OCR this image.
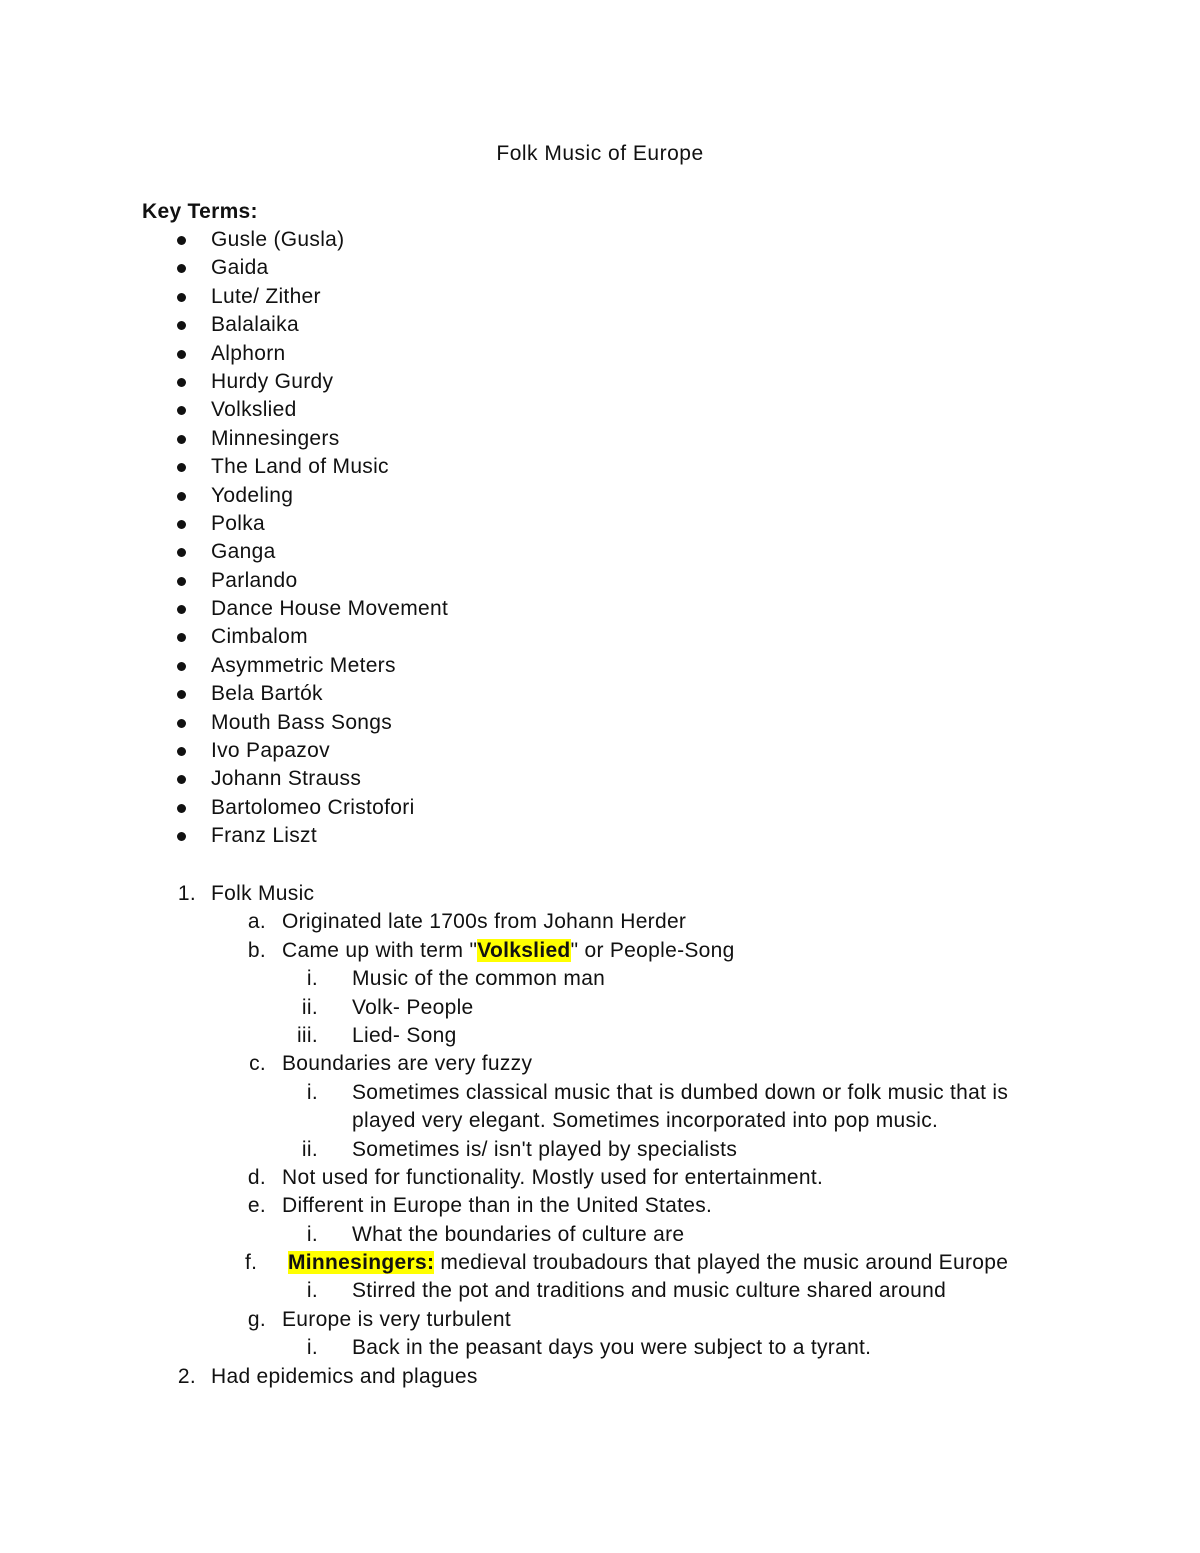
Folk Music of Europe
Key Terms:
Gusle (Gusla)
Gaida
Lute/ Zither
Balalaika
Alphorn
Hurdy Gurdy
Volkslied
Minnesingers
The Land of Music
Yodeling
Polka
Ganga
Parlando
Dance House Movement
Cimbalom
Asymmetric Meters
Bela Bartók
Mouth Bass Songs
Ivo Papazov
Johann Strauss
Bartolomeo Cristofori
Franz Liszt
1. Folk Music
a. Originated late 1700s from Johann Herder
b. Came up with term "Volkslied" or People-Song
i. Music of the common man
ii. Volk- People
iii. Lied- Song
c. Boundaries are very fuzzy
i. Sometimes classical music that is dumbed down or folk music that is
played very elegant. Sometimes incorporated into pop music.
ii. Sometimes is/ isn't played by specialists
d. Not used for functionality. Mostly used for entertainment.
e. Different in Europe than in the United States.
i. What the boundaries of culture are
f.	Minnesingers: medieval troubadours that played the music around Europe
i. Stirred the pot and traditions and music culture shared around
g. Europe is very turbulent
i. Back in the peasant days you were subject to a tyrant.
2. Had epidemics and plagues
